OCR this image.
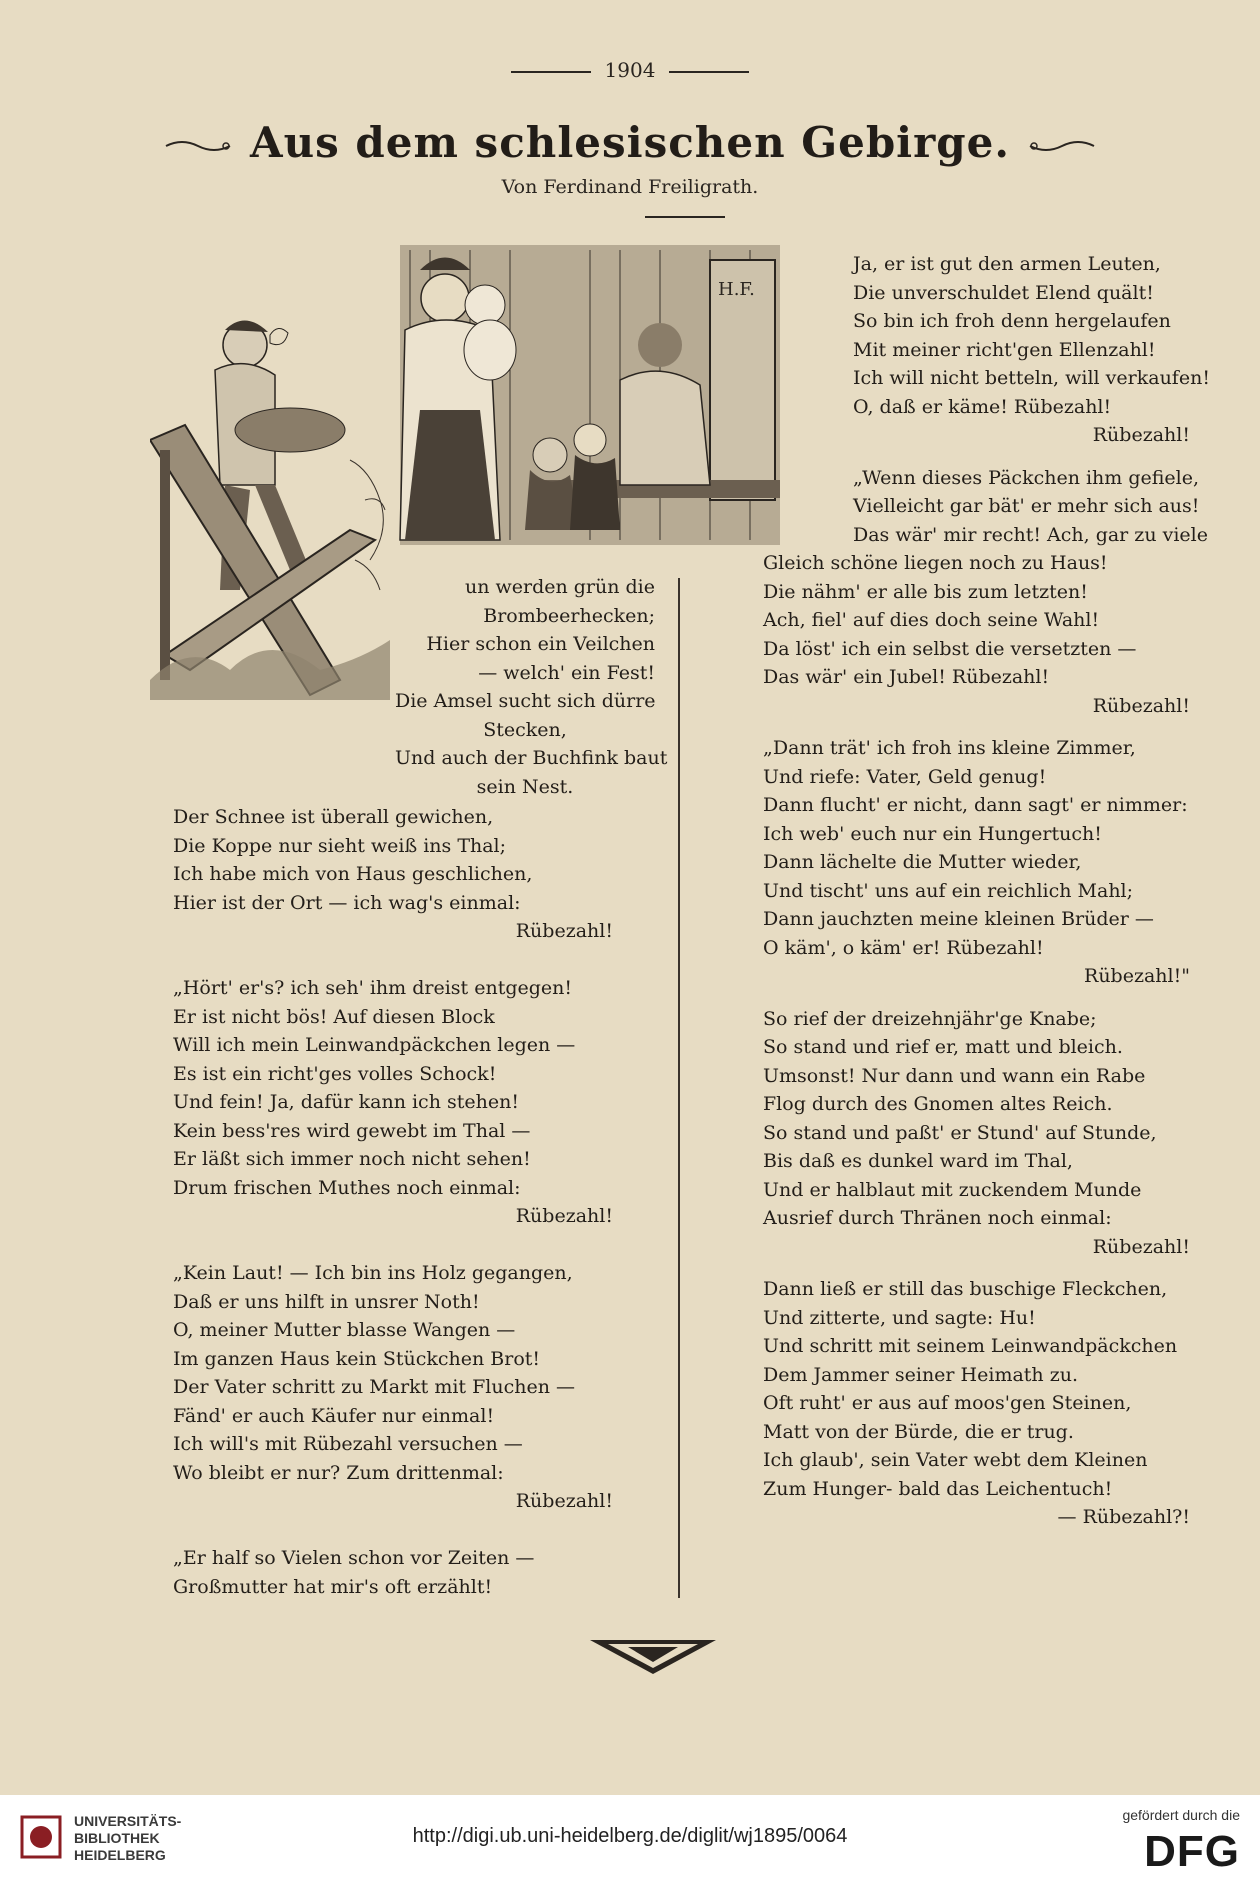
1904
Aus dem schlesischen Gebirge.
Von Ferdinand Freiligrath.
H.F.
un werden grün die
Brombeerhecken;
Hier schon ein Veilchen
— welch' ein Fest!
Die Amsel sucht sich dürre
Stecken,
Und auch der Buchfink baut
sein Nest.
Der Schnee ist überall gewichen,
Die Koppe nur sieht weiß ins Thal;
Ich habe mich von Haus geschlichen,
Hier ist der Ort — ich wag's einmal:
Rübezahl!
„Hört' er's? ich seh' ihm dreist entgegen!
Er ist nicht bös! Auf diesen Block
Will ich mein Leinwandpäckchen legen —
Es ist ein richt'ges volles Schock!
Und fein! Ja, dafür kann ich stehen!
Kein bess'res wird gewebt im Thal —
Er läßt sich immer noch nicht sehen!
Drum frischen Muthes noch einmal:
Rübezahl!
„Kein Laut! — Ich bin ins Holz gegangen,
Daß er uns hilft in unsrer Noth!
O, meiner Mutter blasse Wangen —
Im ganzen Haus kein Stückchen Brot!
Der Vater schritt zu Markt mit Fluchen —
Fänd' er auch Käufer nur einmal!
Ich will's mit Rübezahl versuchen —
Wo bleibt er nur? Zum drittenmal:
Rübezahl!
„Er half so Vielen schon vor Zeiten —
Großmutter hat mir's oft erzählt!
Ja, er ist gut den armen Leuten,
Die unverschuldet Elend quält!
So bin ich froh denn hergelaufen
Mit meiner richt'gen Ellenzahl!
Ich will nicht betteln, will verkaufen!
O, daß er käme! Rübezahl!
Rübezahl!
„Wenn dieses Päckchen ihm gefiele,
Vielleicht gar bät' er mehr sich aus!
Das wär' mir recht! Ach, gar zu viele
Gleich schöne liegen noch zu Haus!
Die nähm' er alle bis zum letzten!
Ach, fiel' auf dies doch seine Wahl!
Da löst' ich ein selbst die versetzten —
Das wär' ein Jubel! Rübezahl!
Rübezahl!
„Dann trät' ich froh ins kleine Zimmer,
Und riefe: Vater, Geld genug!
Dann flucht' er nicht, dann sagt' er nimmer:
Ich web' euch nur ein Hungertuch!
Dann lächelte die Mutter wieder,
Und tischt' uns auf ein reichlich Mahl;
Dann jauchzten meine kleinen Brüder —
O käm', o käm' er! Rübezahl!
Rübezahl!"
So rief der dreizehnjähr'ge Knabe;
So stand und rief er, matt und bleich.
Umsonst! Nur dann und wann ein Rabe
Flog durch des Gnomen altes Reich.
So stand und paßt' er Stund' auf Stunde,
Bis daß es dunkel ward im Thal,
Und er halblaut mit zuckendem Munde
Ausrief durch Thränen noch einmal:
Rübezahl!
Dann ließ er still das buschige Fleckchen,
Und zitterte, und sagte: Hu!
Und schritt mit seinem Leinwandpäckchen
Dem Jammer seiner Heimath zu.
Oft ruht' er aus auf moos'gen Steinen,
Matt von der Bürde, die er trug.
Ich glaub', sein Vater webt dem Kleinen
Zum Hunger- bald das Leichentuch!
— Rübezahl?!
UNIVERSITÄTS-
BIBLIOTHEK
HEIDELBERG
http://digi.ub.uni-heidelberg.de/diglit/wj1895/0064
gefördert durch die
DFG
